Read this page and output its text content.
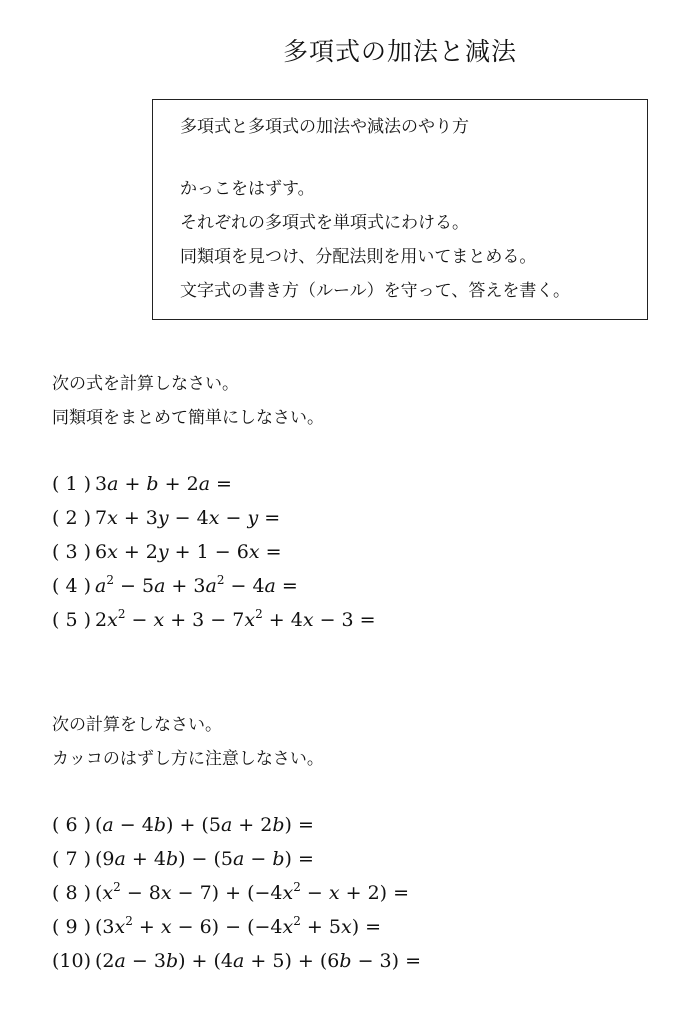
多項式の加法と減法
多項式と多項式の加法や減法のやり方
かっこをはずす。
それぞれの多項式を単項式にわける。
同類項を見つけ、分配法則を用いてまとめる。
文字式の書き方（ルール）を守って、答えを書く。
次の式を計算しなさい。
同類項をまとめて簡単にしなさい。
( 1 ) 3a + b + 2a =
( 2 ) 7x + 3y − 4x − y =
( 3 ) 6x + 2y + 1 − 6x =
( 4 ) $a^2 - 5a + 3a^2 - 4a$ =
( 5 ) $2x^2 - x + 3 - 7x^2 + 4x - 3$ =
次の計算をしなさい。
カッコのはずし方に注意しなさい。
( 6 ) (a − 4b) + (5a + 2b) =
( 7 ) (9a + 4b) − (5a − b) =
( 8 ) $(x^2 - 8x - 7) + (-4x^2 - x + 2)$ =
( 9 ) $(3x^2 + x - 6) - (-4x^2 + 5x)$ =
(10) (2a − 3b) + (4a + 5) + (6b − 3) =
